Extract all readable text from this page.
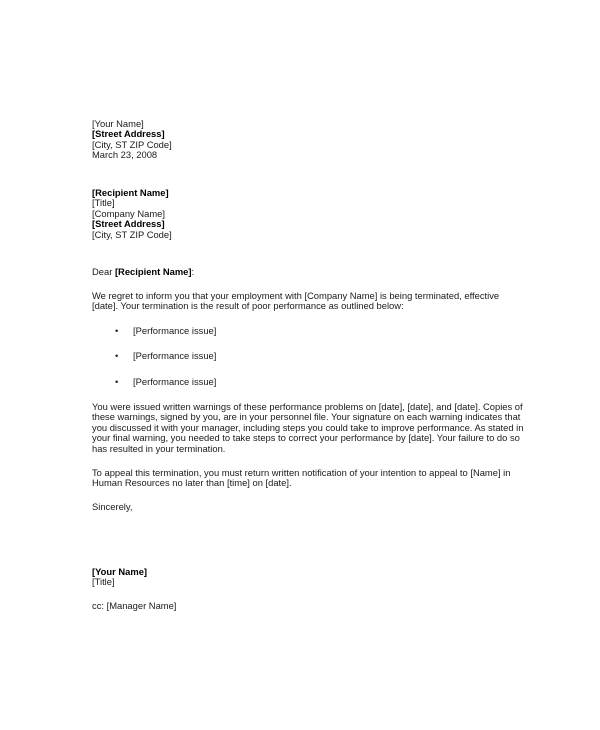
[Your Name]
[Street Address]
[City, ST ZIP Code]
March 23, 2008
[Recipient Name]
[Title]
[Company Name]
[Street Address]
[City, ST ZIP Code]
Dear [Recipient Name]:
We regret to inform you that your employment with [Company Name] is being terminated, effective
[date]. Your termination is the result of poor performance as outlined below:
• [Performance issue]
• [Performance issue]
• [Performance issue]
You were issued written warnings of these performance problems on [date], [date], and [date]. Copies of
these warnings, signed by you, are in your personnel file. Your signature on each warning indicates that
you discussed it with your manager, including steps you could take to improve performance. As stated in
your final warning, you needed to take steps to correct your performance by [date]. Your failure to do so
has resulted in your termination.
To appeal this termination, you must return written notification of your intention to appeal to [Name] in
Human Resources no later than [time] on [date].
Sincerely,
[Your Name]
[Title]
cc: [Manager Name]
